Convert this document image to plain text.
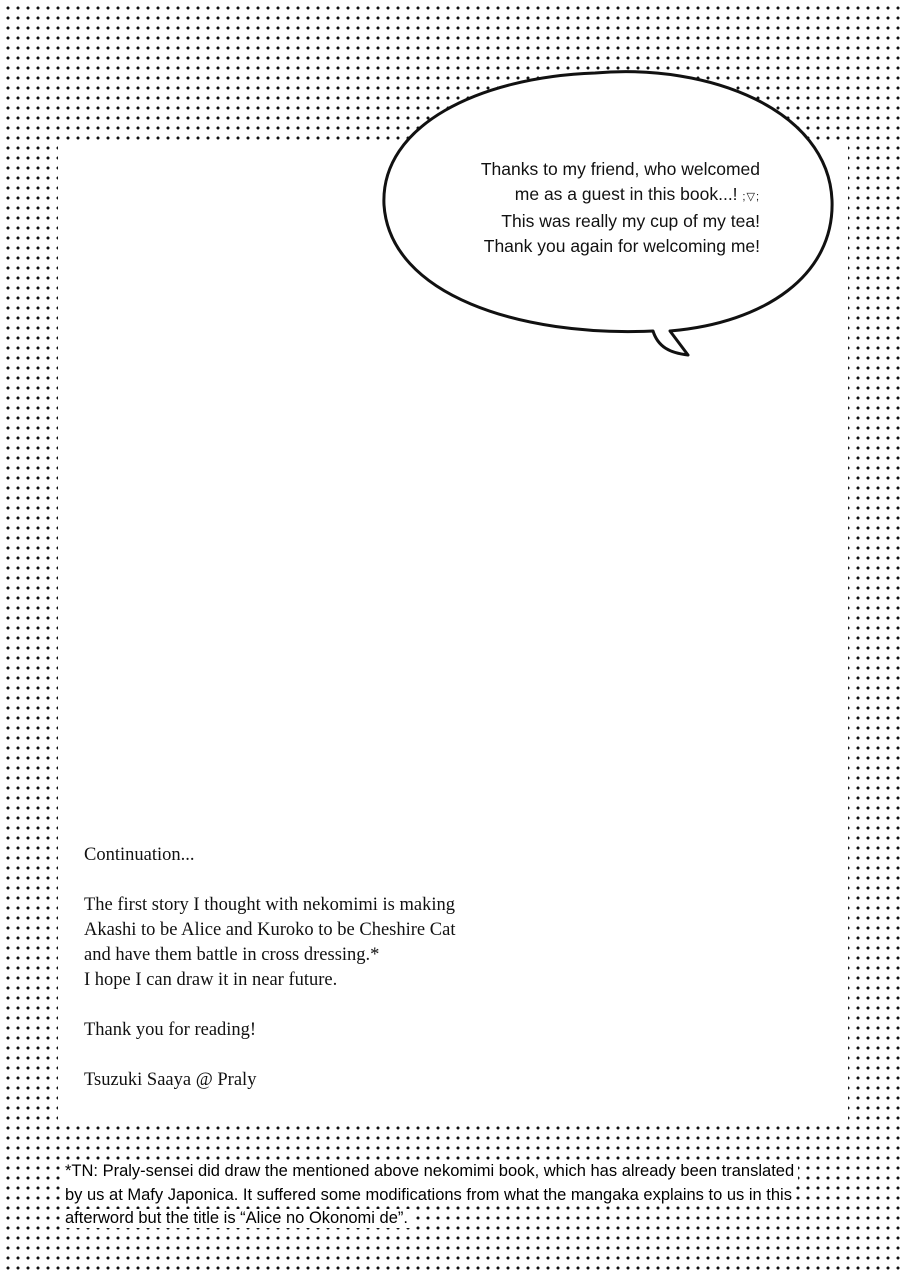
Thanks to my friend, who welcomed
me as a guest in this book...! ;▽;
This was really my cup of my tea!
Thank you again for welcoming me!

Continuation...

The first story I thought with nekomimi is making
Akashi to be Alice and Kuroko to be Cheshire Cat
and have them battle in cross dressing.*
I hope I can draw it in near future.

Thank you for reading!

Tsuzuki Saaya @ Praly

*TN: Praly-sensei did draw the mentioned above nekomimi book, which has already been translated
by us at Mafy Japonica. It suffered some modifications from what the mangaka explains to us in this
afterword but the title is “Alice no Okonomi de”.
